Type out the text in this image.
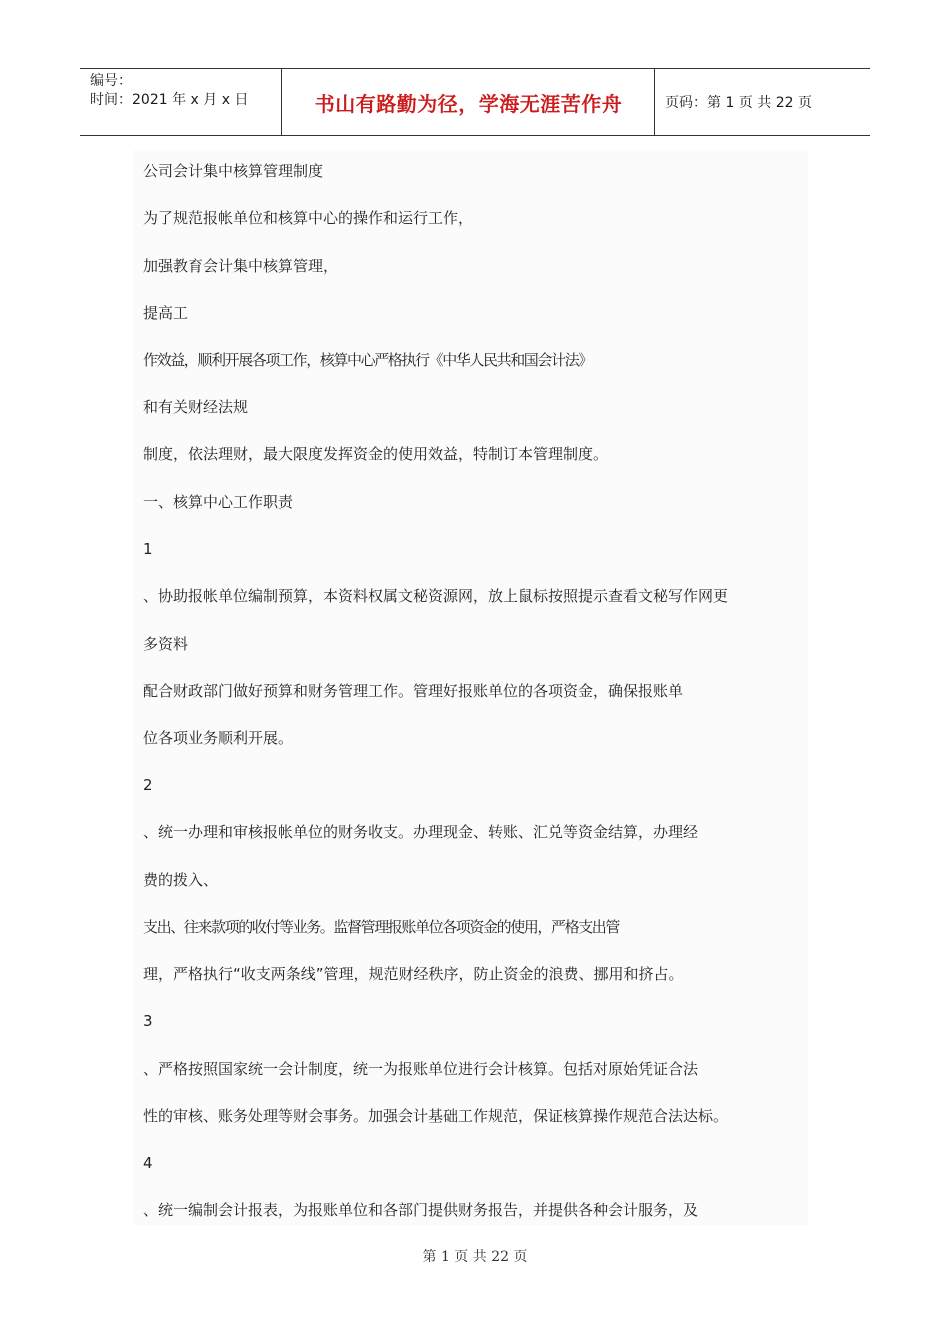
编号：
时间：2021 年 x 月 x 日	书山有路勤为径，学海无涯苦作舟	页码：第 1 页 共 22 页
公司会计集中核算管理制度
为了规范报帐单位和核算中心的操作和运行工作，
加强教育会计集中核算管理，
提高工
作效益，顺利开展各项工作，核算中心严格执行《中华人民共和国会计法》
和有关财经法规
制度，依法理财，最大限度发挥资金的使用效益，特制订本管理制度。
一、核算中心工作职责
1
、协助报帐单位编制预算，本资料权属文秘资源网，放上鼠标按照提示查看文秘写作网更
多资料
配合财政部门做好预算和财务管理工作。管理好报账单位的各项资金，确保报账单
位各项业务顺利开展。
2
、统一办理和审核报帐单位的财务收支。办理现金、转账、汇兑等资金结算，办理经
费的拨入、
支出、往来款项的收付等业务。监督管理报账单位各项资金的使用，严格支出管
理，严格执行“收支两条线”管理，规范财经秩序，防止资金的浪费、挪用和挤占。
3
、严格按照国家统一会计制度，统一为报账单位进行会计核算。包括对原始凭证合法
性的审核、账务处理等财会事务。加强会计基础工作规范，保证核算操作规范合法达标。
4
、统一编制会计报表，为报账单位和各部门提供财务报告，并提供各种会计服务，及
第 1 页 共 22 页
